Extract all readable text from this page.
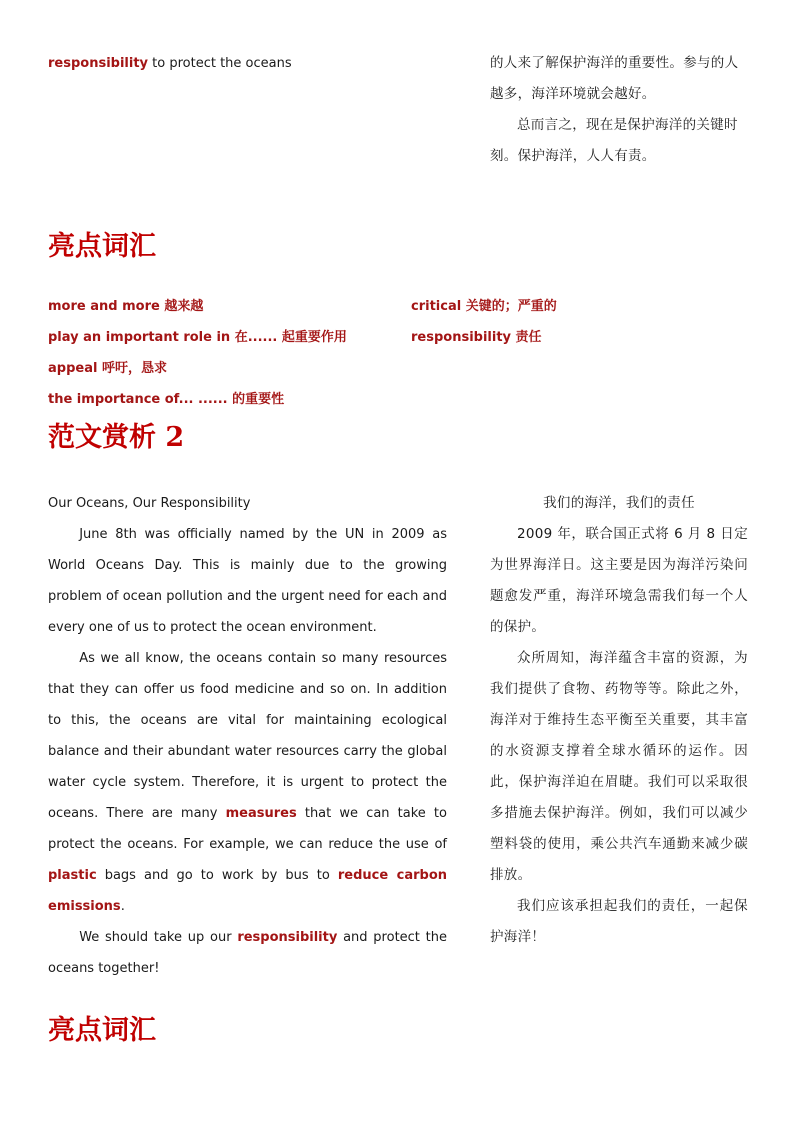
responsibility to protect the oceans	的人来了解保护海洋的重要性。参与的人
越多，海洋环境就会越好。
总而言之，现在是保护海洋的关键时
刻。保护海洋，人人有责。
亮点词汇
more and more 越来越
play an important role in 在...... 起重要作用
appeal 呼吁，恳求
the importance of... ...... 的重要性
critical 关键的；严重的
responsibility 责任
范文赏析 2

Our Oceans, Our Responsibility

June 8th was officially named by the UN in 2009 as World Oceans Day. This is mainly due to the growing problem of ocean pollution and the urgent need for each and every one of us to protect the ocean environment.

As we all know, the oceans contain so many resources that they can offer us food medicine and so on. In addition to this, the oceans are vital for maintaining ecological balance and their abundant water resources carry the global water cycle system. Therefore, it is urgent to protect the oceans. There are many measures that we can take to protect the oceans. For example, we can reduce the use of plastic bags and go to work by bus to reduce carbon emissions.

We should take up our responsibility and protect the oceans together!

我们的海洋，我们的责任

2009 年，联合国正式将 6 月 8 日定为世界海洋日。这主要是因为海洋污染问题愈发严重，海洋环境急需我们每一个人的保护。

众所周知，海洋蕴含丰富的资源，为我们提供了食物、药物等等。除此之外，海洋对于维持生态平衡至关重要，其丰富的水资源支撑着全球水循环的运作。因此，保护海洋迫在眉睫。我们可以采取很多措施去保护海洋。例如，我们可以减少塑料袋的使用，乘公共汽车通勤来减少碳排放。

我们应该承担起我们的责任，一起保护海洋！

亮点词汇
